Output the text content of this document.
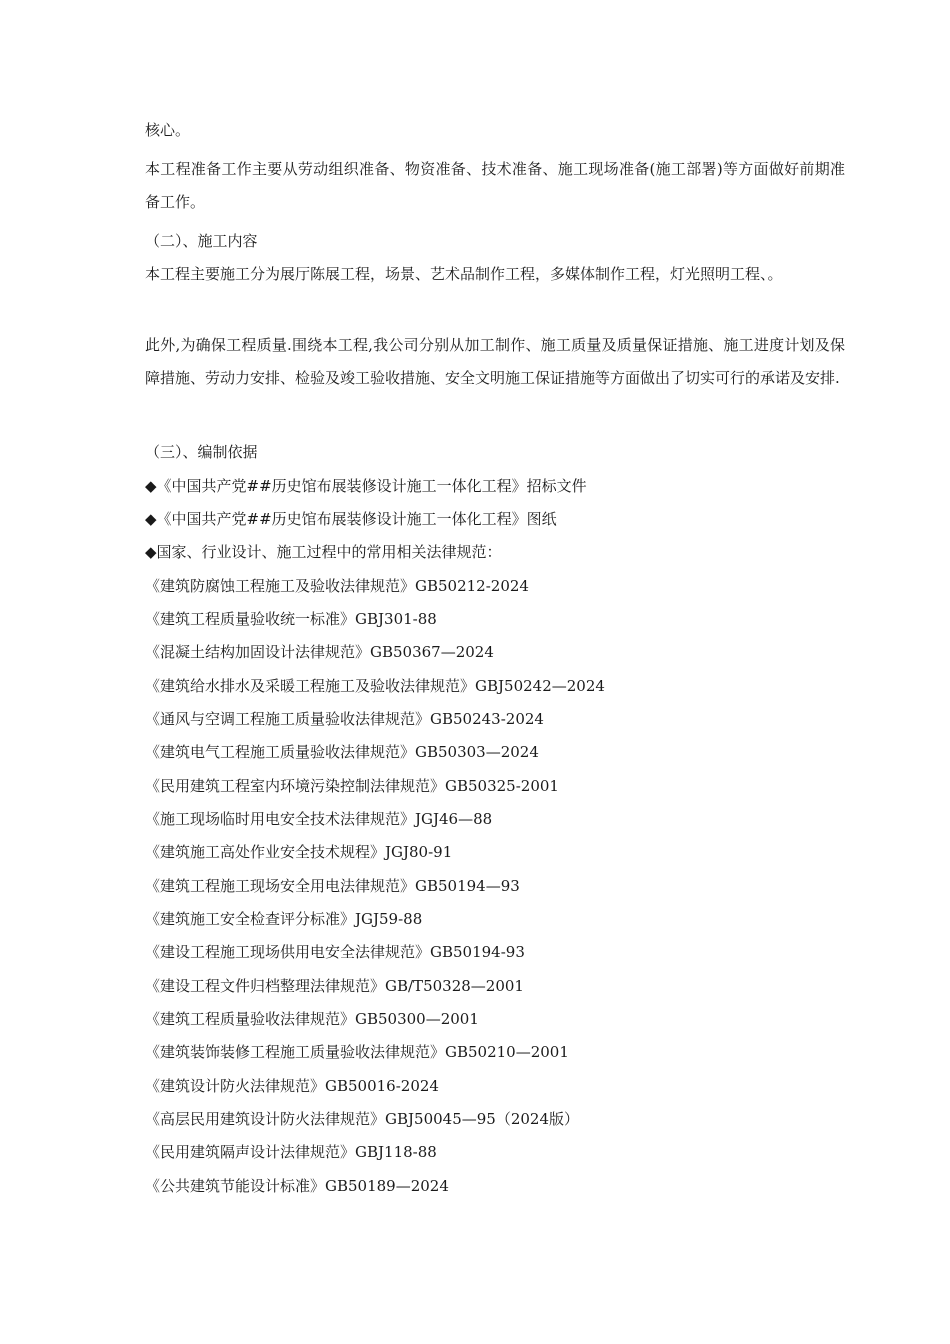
核心。
本工程准备工作主要从劳动组织准备、物资准备、技术准备、施工现场准备(施工部署)等方面做好前期准备工作。
（二）、施工内容
本工程主要施工分为展厅陈展工程，场景、艺术品制作工程，多媒体制作工程，灯光照明工程、。
此外,为确保工程质量.围绕本工程,我公司分别从加工制作、施工质量及质量保证措施、施工进度计划及保障措施、劳动力安排、检验及竣工验收措施、安全文明施工保证措施等方面做出了切实可行的承诺及安排.
（三）、编制依据
◆《中国共产党##历史馆布展装修设计施工一体化工程》招标文件
◆《中国共产党##历史馆布展装修设计施工一体化工程》图纸
◆国家、行业设计、施工过程中的常用相关法律规范：
《建筑防腐蚀工程施工及验收法律规范》GB50212-2024
《建筑工程质量验收统一标准》GBJ301-88
《混凝土结构加固设计法律规范》GB50367—2024
《建筑给水排水及采暖工程施工及验收法律规范》GBJ50242—2024
《通风与空调工程施工质量验收法律规范》GB50243-2024
《建筑电气工程施工质量验收法律规范》GB50303—2024
《民用建筑工程室内环境污染控制法律规范》GB50325-2001
《施工现场临时用电安全技术法律规范》JGJ46—88
《建筑施工高处作业安全技术规程》JGJ80-91
《建筑工程施工现场安全用电法律规范》GB50194—93
《建筑施工安全检查评分标准》JGJ59-88
《建设工程施工现场供用电安全法律规范》GB50194-93
《建设工程文件归档整理法律规范》GB/T50328—2001
《建筑工程质量验收法律规范》GB50300—2001
《建筑装饰装修工程施工质量验收法律规范》GB50210—2001
《建筑设计防火法律规范》GB50016-2024
《高层民用建筑设计防火法律规范》GBJ50045—95（2024版）
《民用建筑隔声设计法律规范》GBJ118-88
《公共建筑节能设计标准》GB50189—2024
